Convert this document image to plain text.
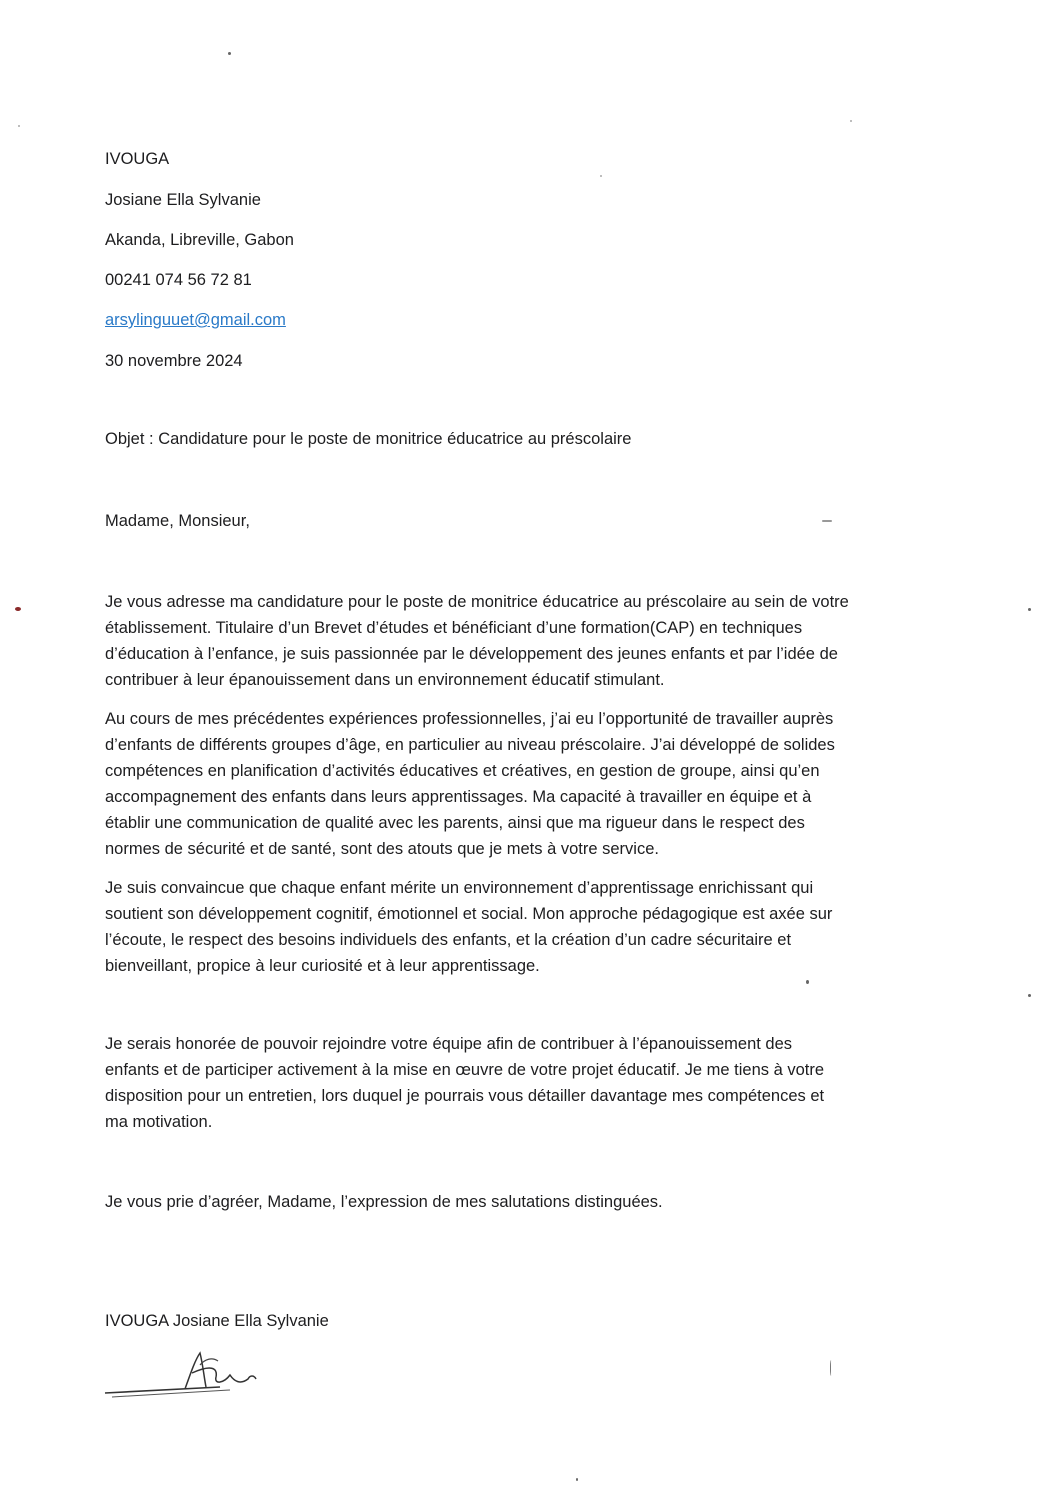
IVOUGA
Josiane Ella Sylvanie
Akanda, Libreville, Gabon
00241 074 56 72 81
arsylinguuet@gmail.com
30 novembre 2024
Objet : Candidature pour le poste de monitrice éducatrice au préscolaire
Madame, Monsieur,

Je vous adresse ma candidature pour le poste de monitrice éducatrice au préscolaire au sein de votre
établissement. Titulaire d’un Brevet d’études et bénéficiant d’une formation(CAP) en techniques
d’éducation à l’enfance, je suis passionnée par le développement des jeunes enfants et par l’idée de
contribuer à leur épanouissement dans un environnement éducatif stimulant.

Au cours de mes précédentes expériences professionnelles, j’ai eu l’opportunité de travailler auprès
d’enfants de différents groupes d’âge, en particulier au niveau préscolaire. J’ai développé de solides
compétences en planification d’activités éducatives et créatives, en gestion de groupe, ainsi qu’en
accompagnement des enfants dans leurs apprentissages. Ma capacité à travailler en équipe et à
établir une communication de qualité avec les parents, ainsi que ma rigueur dans le respect des
normes de sécurité et de santé, sont des atouts que je mets à votre service.

Je suis convaincue que chaque enfant mérite un environnement d’apprentissage enrichissant qui
soutient son développement cognitif, émotionnel et social. Mon approche pédagogique est axée sur
l’écoute, le respect des besoins individuels des enfants, et la création d’un cadre sécuritaire et
bienveillant, propice à leur curiosité et à leur apprentissage.

Je serais honorée de pouvoir rejoindre votre équipe afin de contribuer à l’épanouissement des
enfants et de participer activement à la mise en œuvre de votre projet éducatif. Je me tiens à votre
disposition pour un entretien, lors duquel je pourrais vous détailler davantage mes compétences et
ma motivation.

Je vous prie d’agréer, Madame, l’expression de mes salutations distinguées.
IVOUGA Josiane Ella Sylvanie
